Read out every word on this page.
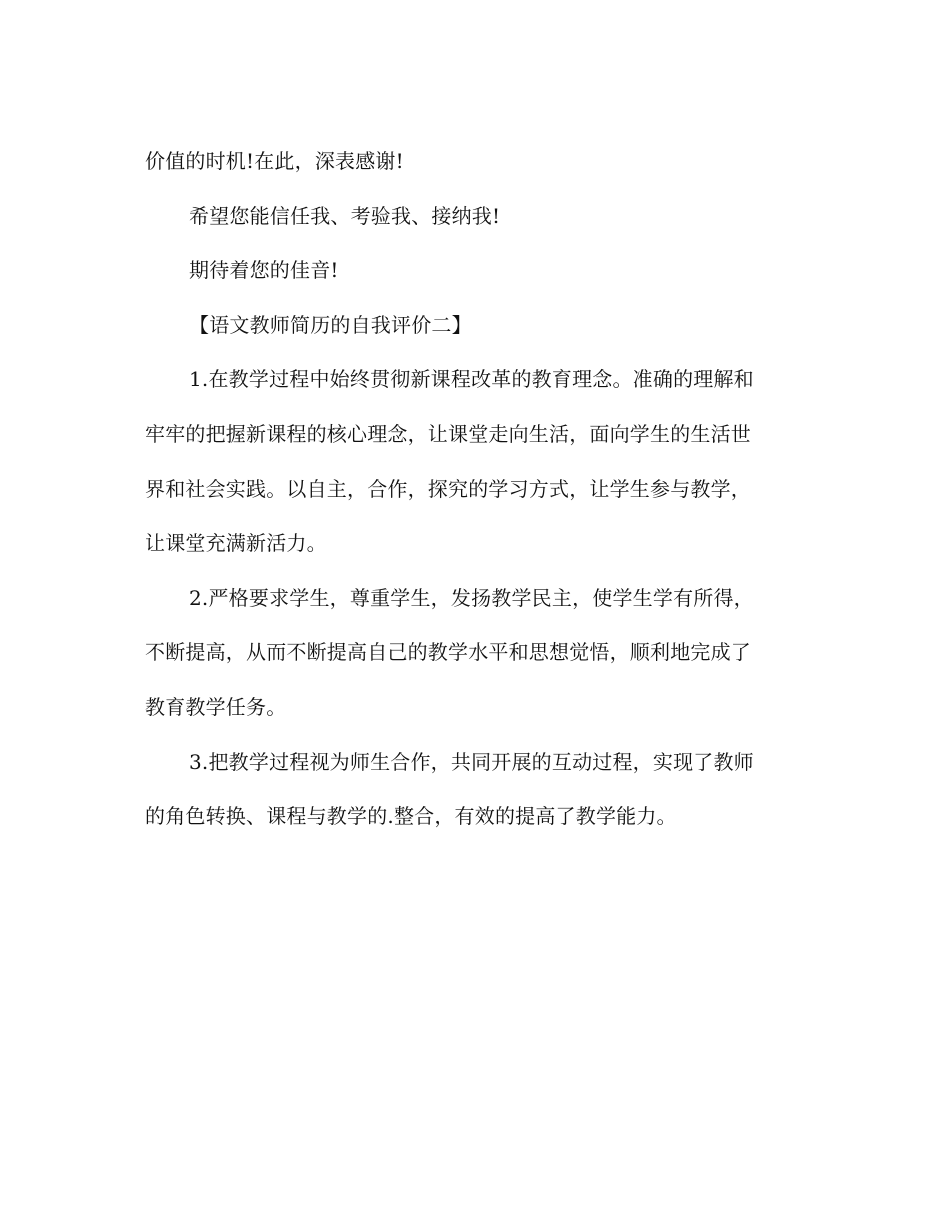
价值的时机!在此，深表感谢!

希望您能信任我、考验我、接纳我!

期待着您的佳音!

【语文教师简历的自我评价二】

1.在教学过程中始终贯彻新课程改革的教育理念。准确的理解和

牢牢的把握新课程的核心理念，让课堂走向生活，面向学生的生活世

界和社会实践。以自主，合作，探究的学习方式，让学生参与教学，

让课堂充满新活力。

2.严格要求学生，尊重学生，发扬教学民主，使学生学有所得，

不断提高，从而不断提高自己的教学水平和思想觉悟，顺利地完成了

教育教学任务。

3.把教学过程视为师生合作，共同开展的互动过程，实现了教师

的角色转换、课程与教学的.整合，有效的提高了教学能力。
